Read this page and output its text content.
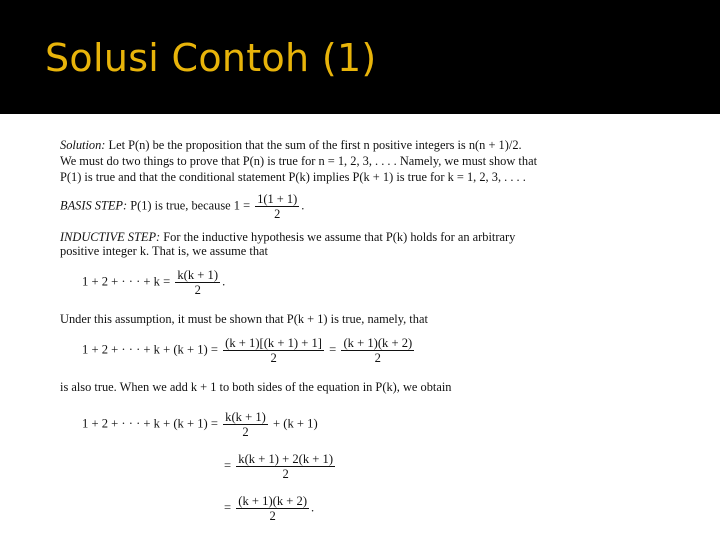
Solusi Contoh (1)
Solution: Let P(n) be the proposition that the sum of the first n positive integers is n(n + 1)/2.
We must do two things to prove that P(n) is true for n = 1, 2, 3, . . . . Namely, we must show that
P(1) is true and that the conditional statement P(k) implies P(k + 1) is true for k = 1, 2, 3, . . . .
BASIS STEP: P(1) is true, because $1 = \frac{1(1 + 1)}{2}$ .
INDUCTIVE STEP: For the inductive hypothesis we assume that P(k) holds for an arbitrary
positive integer k. That is, we assume that
1 + 2 + · · · + $k = \frac{k(k + 1)}{2}$ .
Under this assumption, it must be shown that P(k + 1) is true, namely, that
1 + 2 + · · · + $k + (k + 1) = \frac{(k + 1)[(k + 1) + 1]}{2} = \frac{(k + 1)(k + 2)}{2}$
is also true. When we add k + 1 to both sides of the equation in P(k), we obtain
1 + 2 + · · · + $k + (k + 1) = \frac{k(k + 1)}{2} + (k + 1)$
= $\frac{k(k + 1) + 2(k + 1)}{2}$
= $\frac{(k + 1)(k + 2)}{2}$ .
